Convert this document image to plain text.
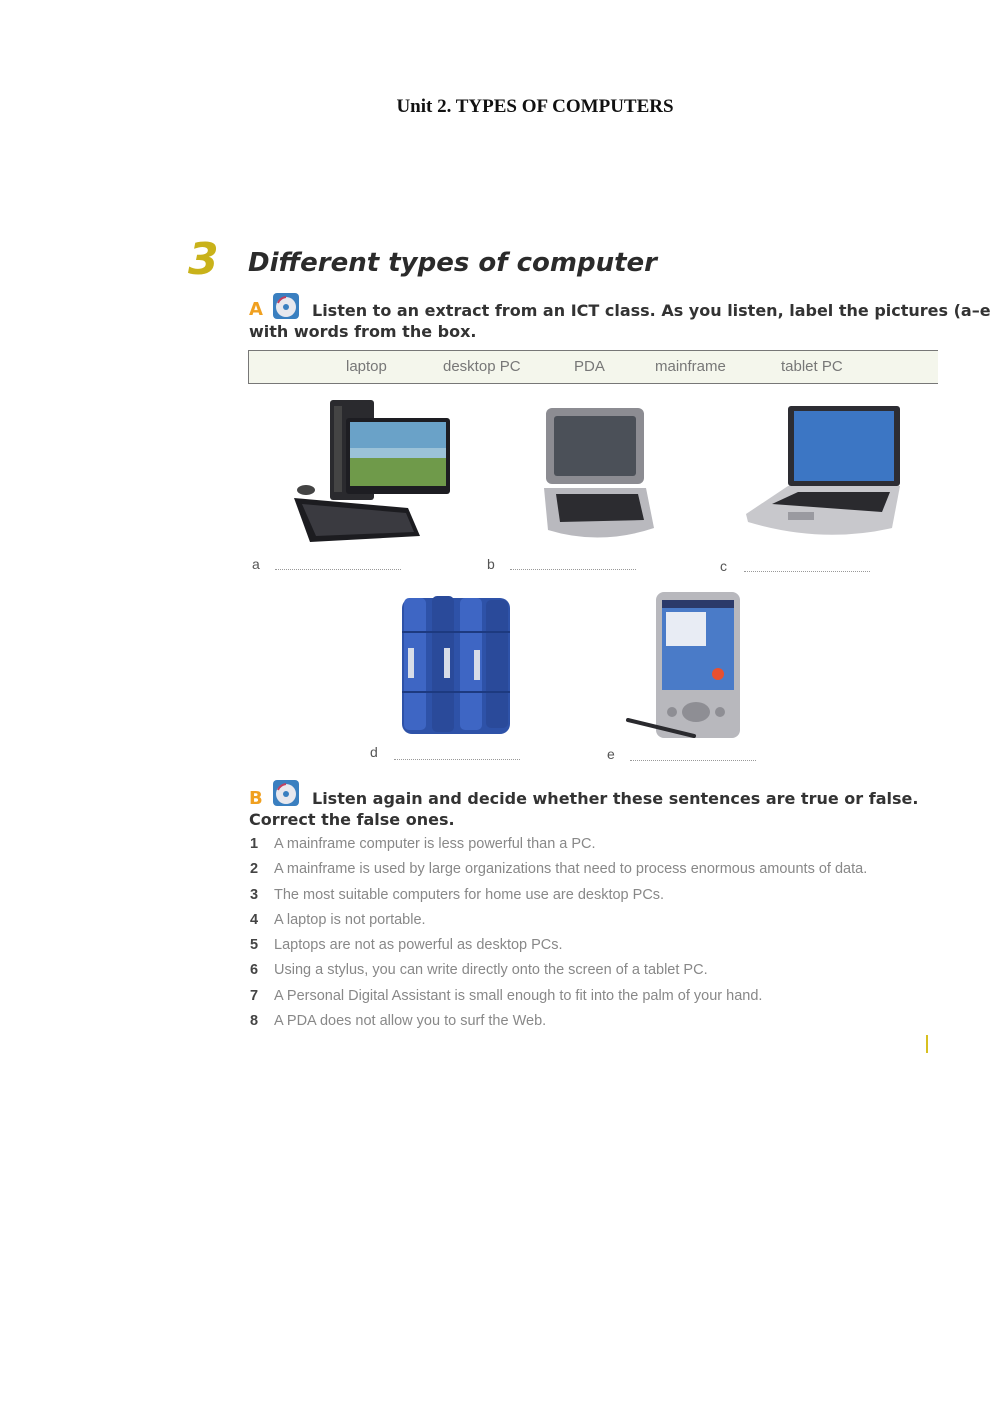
Unit 2. TYPES OF COMPUTERS
3 Different types of computer
A	Listen to an extract from an ICT class. As you listen, label the pictures (a–e
with words from the box.
laptop	desktop PC	PDA	mainframe	tablet PC
a	b	c
d	e
B	Listen again and decide whether these sentences are true or false.
Correct the false ones.
1 A mainframe computer is less powerful than a PC.
2 A mainframe is used by large organizations that need to process enormous amounts of data.
3 The most suitable computers for home use are desktop PCs.
4 A laptop is not portable.
5 Laptops are not as powerful as desktop PCs.
6 Using a stylus, you can write directly onto the screen of a tablet PC.
7 A Personal Digital Assistant is small enough to fit into the palm of your hand.
8 A PDA does not allow you to surf the Web.
